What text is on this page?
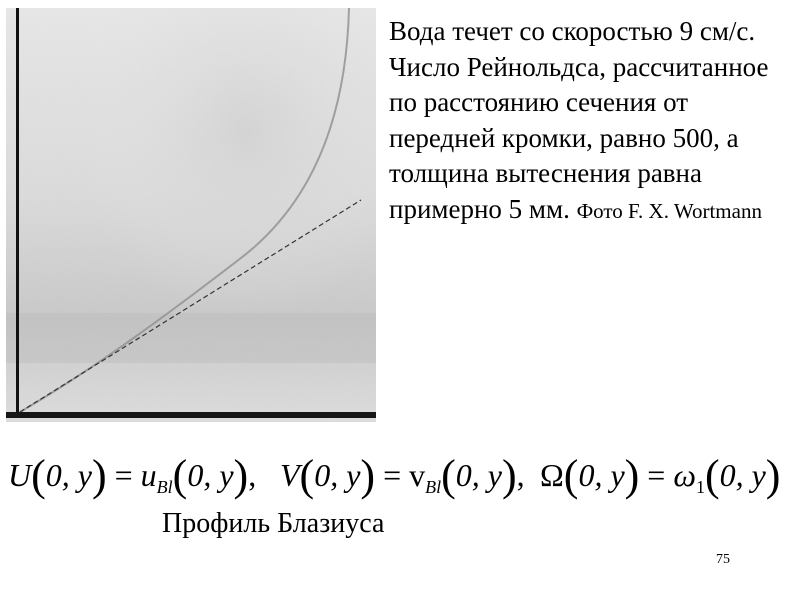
Вода течет со скоростью 9 см/с. Число Рейнольдса, рассчитанное по расстоянию сечения от передней кромки, равно 500, а толщина вытеснения равна примерно 5 мм. Фото F. X. Wortmann
U(0, $y) = u_{Bl}(0$, y), V(0, $y) = v_{Bl}(0$, y), Ω(0, $y) = \omega_1(0$, y)
Профиль Блазиуса
75
